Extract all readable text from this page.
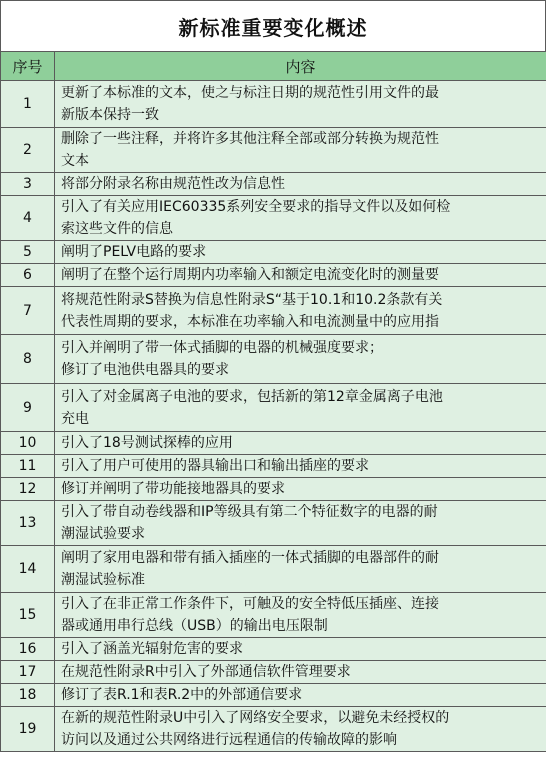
新标准重要变化概述
序号	内容
1	更新了本标准的文本，使之与标注日期的规范性引用文件的最
新版本保持一致

2	删除了一些注释，并将许多其他注释全部或部分转换为规范性
文本

3	将部分附录名称由规范性改为信息性

4	引入了有关应用IEC60335系列安全要求的指导文件以及如何检
索这些文件的信息

5	阐明了PELV电路的要求

6	阐明了在整个运行周期内功率输入和额定电流变化时的测量要

7	将规范性附录S替换为信息性附录S“基于10.1和10.2条款有关
代表性周期的要求，本标准在功率输入和电流测量中的应用指

8	引入并阐明了带一体式插脚的电器的机械强度要求；
修订了电池供电器具的要求

9	引入了对金属离子电池的要求，包括新的第12章金属离子电池
充电

10	引入了18号测试探棒的应用

11	引入了用户可使用的器具输出口和输出插座的要求

12	修订并阐明了带功能接地器具的要求

13	引入了带自动卷线器和IP等级具有第二个特征数字的电器的耐
潮湿试验要求

14	阐明了家用电器和带有插入插座的一体式插脚的电器部件的耐
潮湿试验标准

15	引入了在非正常工作条件下，可触及的安全特低压插座、连接
器或通用串行总线（USB）的输出电压限制

16	引入了涵盖光辐射危害的要求

17	在规范性附录R中引入了外部通信软件管理要求

18	修订了表R.1和表R.2中的外部通信要求

19	在新的规范性附录U中引入了网络安全要求，以避免未经授权的
访问以及通过公共网络进行远程通信的传输故障的影响
